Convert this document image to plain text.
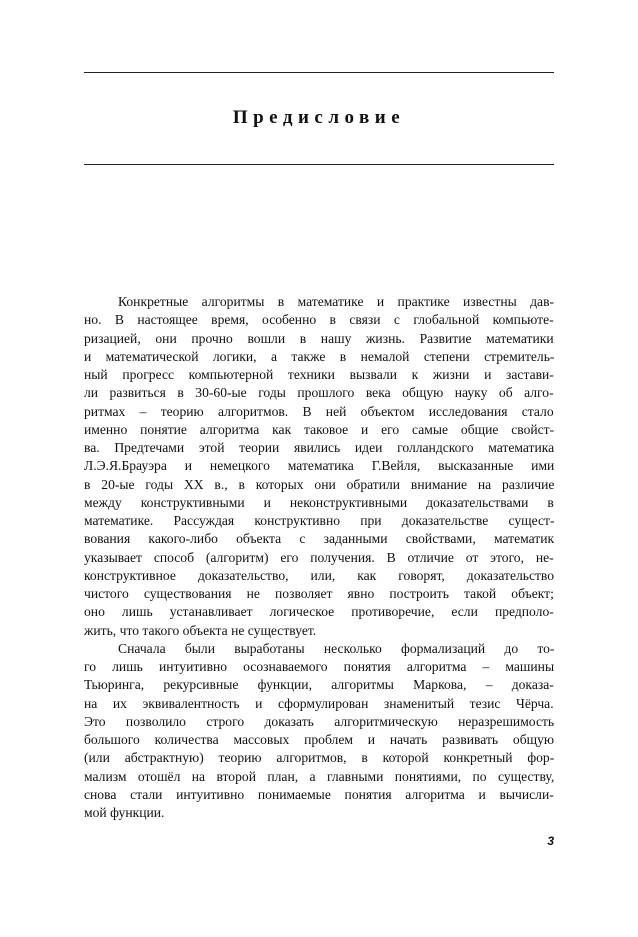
Предисловие
Конкретные алгоритмы в математике и практике известны дав-
но. В настоящее время, особенно в связи с глобальной компьюте-
ризацией, они прочно вошли в нашу жизнь. Развитие математики
и математической логики, а также в немалой степени стремитель-
ный прогресс компьютерной техники вызвали к жизни и застави-
ли развиться в 30-60-ые годы прошлого века общую науку об алго-
ритмах – теорию алгоритмов. В ней объектом исследования стало
именно понятие алгоритма как таковое и его самые общие свойст-
ва. Предтечами этой теории явились идеи голландского математика
Л.Э.Я.Брауэра и немецкого математика Г.Вейля, высказанные ими
в 20-ые годы XX в., в которых они обратили внимание на различие
между конструктивными и неконструктивными доказательствами в
математике. Рассуждая конструктивно при доказательстве сущест-
вования какого-либо объекта с заданными свойствами, математик
указывает способ (алгоритм) его получения. В отличие от этого, не-
конструктивное доказательство, или, как говорят, доказательство
чистого существования не позволяет явно построить такой объект;
оно лишь устанавливает логическое противоречие, если предполо-
жить, что такого объекта не существует.
Сначала были выработаны несколько формализаций до то-
го лишь интуитивно осознаваемого понятия алгоритма – машины
Тьюринга, рекурсивные функции, алгоритмы Маркова, – доказа-
на их эквивалентность и сформулирован знаменитый тезис Чёрча.
Это позволило строго доказать алгоритмическую неразрешимость
большого количества массовых проблем и начать развивать общую
(или абстрактную) теорию алгоритмов, в которой конкретный фор-
мализм отошёл на второй план, а главными понятиями, по существу,
снова стали интуитивно понимаемые понятия алгоритма и вычисли-
мой функции.
3
